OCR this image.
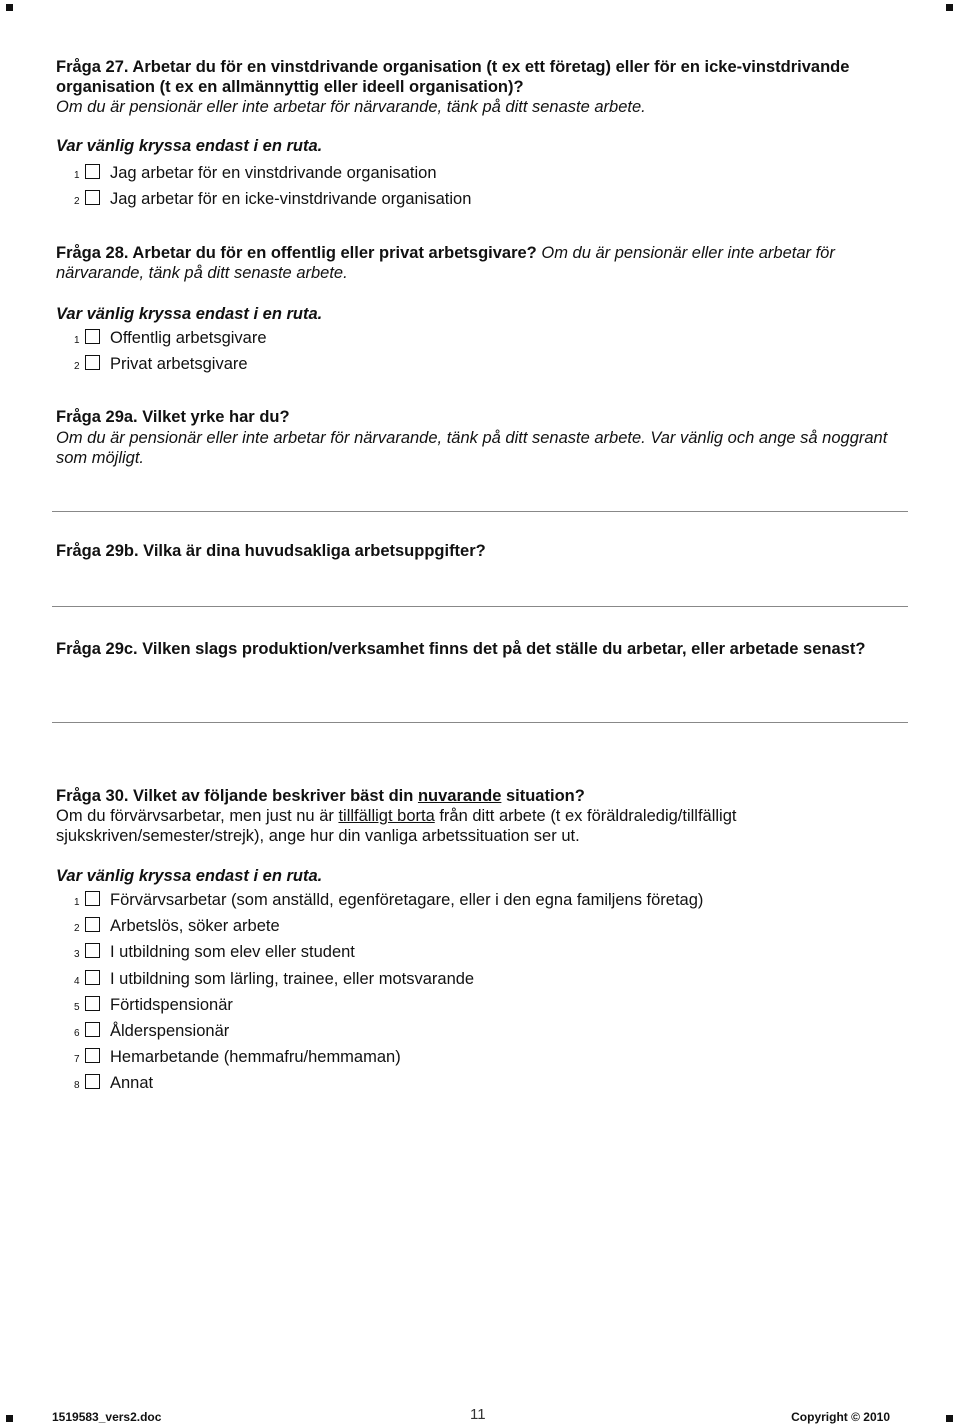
Fråga 27. Arbetar du för en vinstdrivande organisation (t ex ett företag) eller för en icke-vinstdrivande organisation (t ex en allmännyttig eller ideell organisation)?
Om du är pensionär eller inte arbetar för närvarande, tänk på ditt senaste arbete.
Var vänlig kryssa endast i en ruta.
1 Jag arbetar för en vinstdrivande organisation
2 Jag arbetar för en icke-vinstdrivande organisation
Fråga 28. Arbetar du för en offentlig eller privat arbetsgivare? Om du är pensionär eller inte arbetar för närvarande, tänk på ditt senaste arbete.
Var vänlig kryssa endast i en ruta.
1 Offentlig arbetsgivare
2 Privat arbetsgivare
Fråga 29a. Vilket yrke har du?
Om du är pensionär eller inte arbetar för närvarande, tänk på ditt senaste arbete. Var vänlig och ange så noggrant som möjligt.
Fråga 29b. Vilka är dina huvudsakliga arbetsuppgifter?
Fråga 29c. Vilken slags produktion/verksamhet finns det på det ställe du arbetar, eller arbetade senast?
Fråga 30. Vilket av följande beskriver bäst din nuvarande situation?
Om du förvärvsarbetar, men just nu är tillfälligt borta från ditt arbete (t ex föräldraledig/tillfälligt sjukskriven/semester/strejk), ange hur din vanliga arbetssituation ser ut.
Var vänlig kryssa endast i en ruta.
1 Förvärvsarbetar (som anställd, egenföretagare, eller i den egna familjens företag)
2 Arbetslös, söker arbete
3 I utbildning som elev eller student
4 I utbildning som lärling, trainee, eller motsvarande
5 Förtidspensionär
6 Ålderspensionär
7 Hemarbetande (hemmafru/hemmaman)
8 Annat
1519583_vers2.doc	11	Copyright © 2010
